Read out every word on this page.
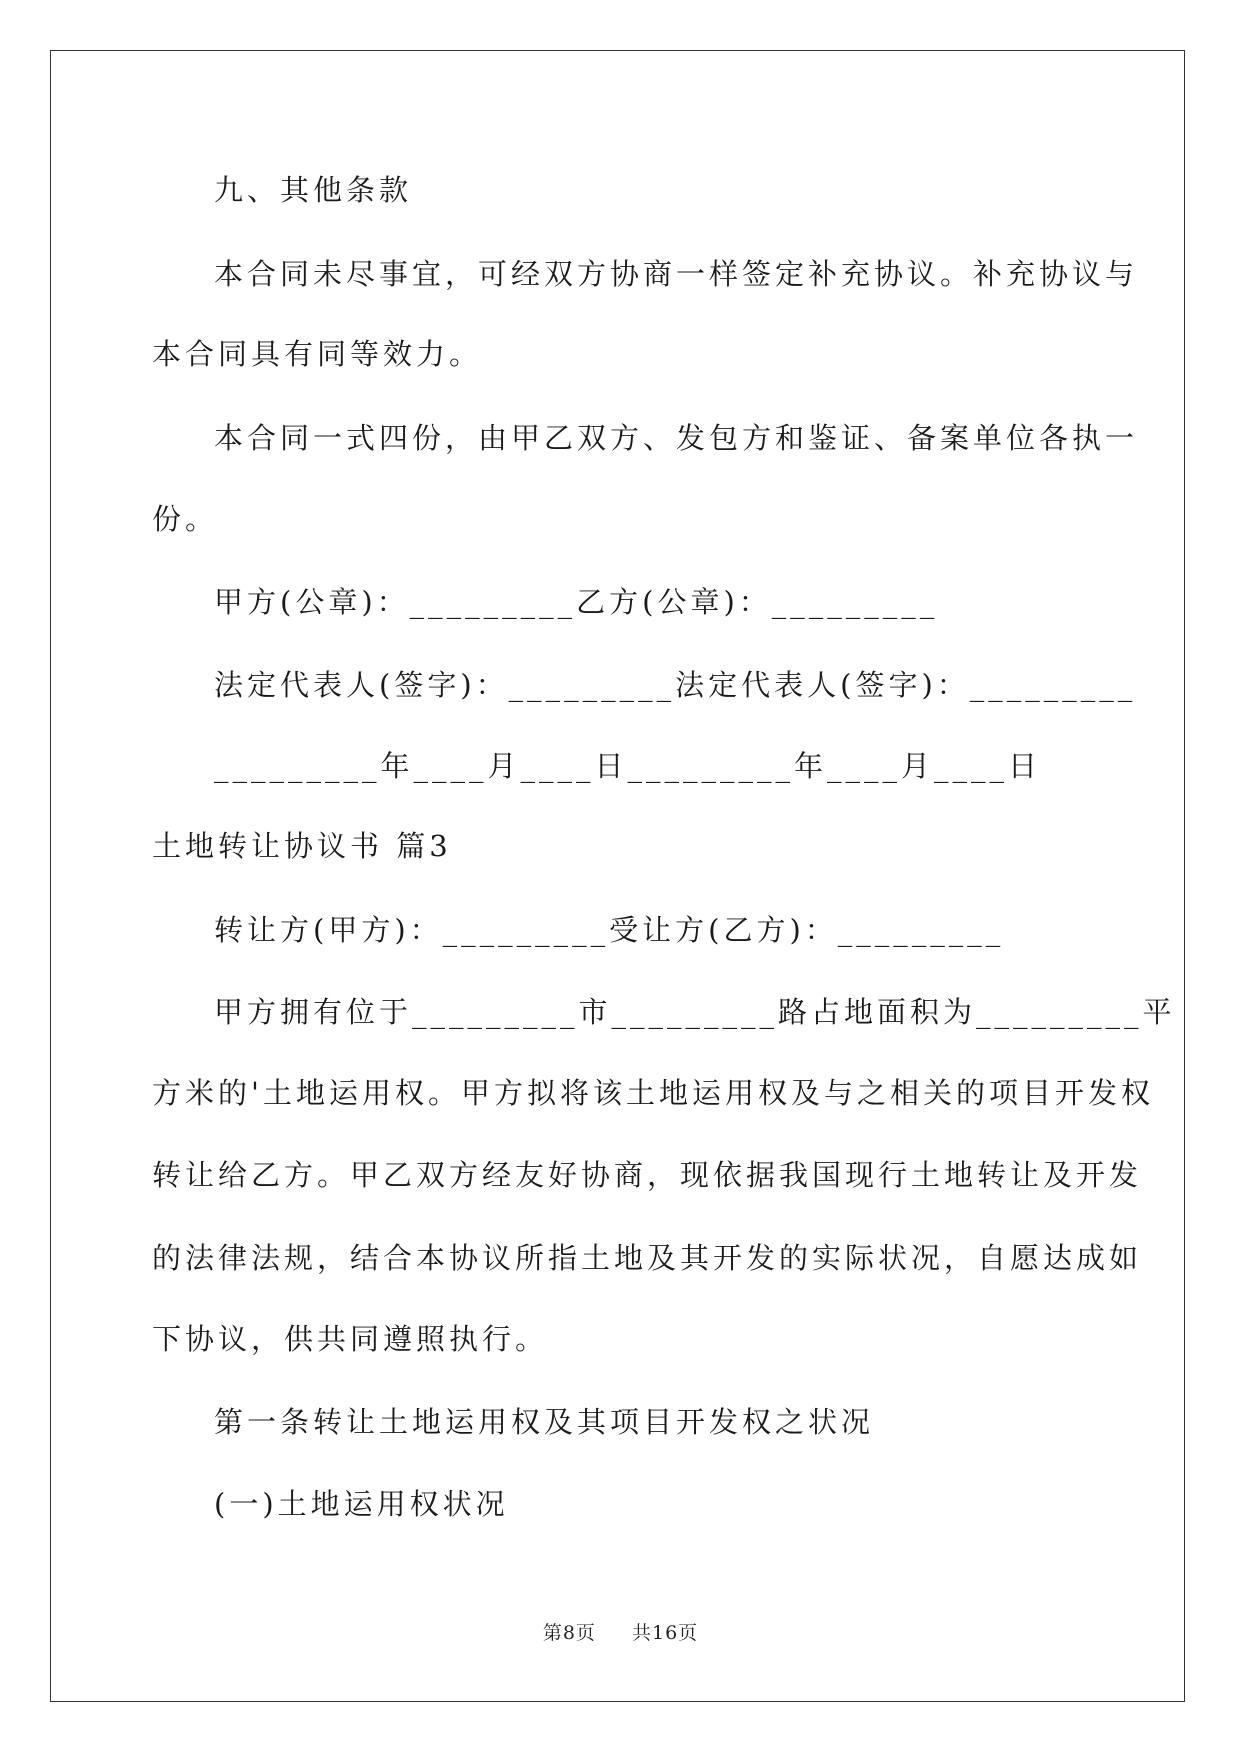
九、其他条款
本合同未尽事宜，可经双方协商一样签定补充协议。补充协议与
本合同具有同等效力。
本合同一式四份，由甲乙双方、发包方和鉴证、备案单位各执一
份。
甲方(公章)：_________乙方(公章)：_________
法定代表人(签字)：_________法定代表人(签字)：_________
_________年____月____日_________年____月____日
土地转让协议书 篇3
转让方(甲方)：_________受让方(乙方)：_________
甲方拥有位于_________市_________路占地面积为_________平
方米的'土地运用权。甲方拟将该土地运用权及与之相关的项目开发权
转让给乙方。甲乙双方经友好协商，现依据我国现行土地转让及开发
的法律法规，结合本协议所指土地及其开发的实际状况，自愿达成如
下协议，供共同遵照执行。
第一条转让土地运用权及其项目开发权之状况
(一)土地运用权状况
第8页 共16页
